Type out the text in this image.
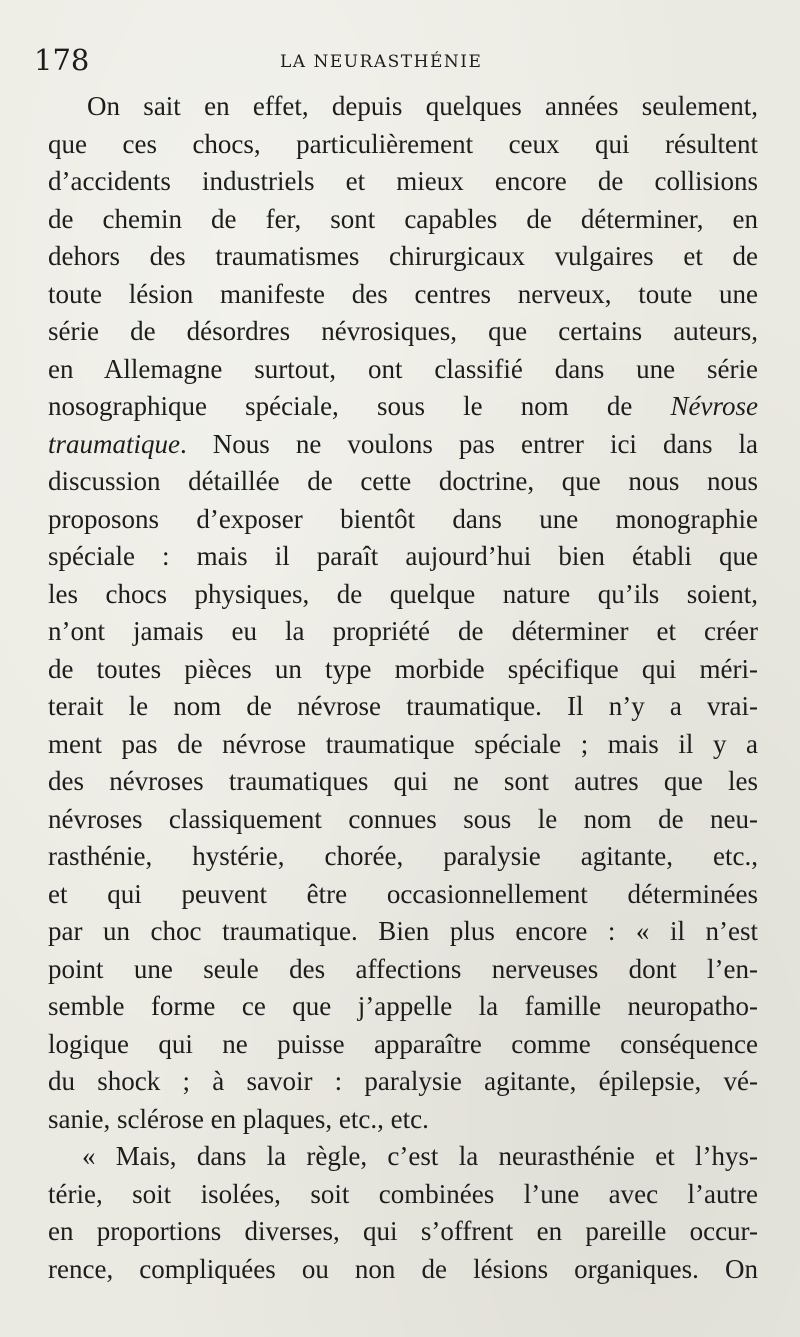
178	LA NEURASTHÉNIE
On sait en effet, depuis quelques années seulement,
que ces chocs, particulièrement ceux qui résultent
d’accidents industriels et mieux encore de collisions
de chemin de fer, sont capables de déterminer, en
dehors des traumatismes chirurgicaux vulgaires et de
toute lésion manifeste des centres nerveux, toute une
série de désordres névrosiques, que certains auteurs,
en Allemagne surtout, ont classifié dans une série
nosographique spéciale, sous le nom de Névrose
traumatique. Nous ne voulons pas entrer ici dans la
discussion détaillée de cette doctrine, que nous nous
proposons d’exposer bientôt dans une monographie
spéciale : mais il paraît aujourd’hui bien établi que
les chocs physiques, de quelque nature qu’ils soient,
n’ont jamais eu la propriété de déterminer et créer
de toutes pièces un type morbide spécifique qui méri-
terait le nom de névrose traumatique. Il n’y a vrai-
ment pas de névrose traumatique spéciale ; mais il y a
des névroses traumatiques qui ne sont autres que les
névroses classiquement connues sous le nom de neu-
rasthénie, hystérie, chorée, paralysie agitante, etc.,
et qui peuvent être occasionnellement déterminées
par un choc traumatique. Bien plus encore : « il n’est
point une seule des affections nerveuses dont l’en-
semble forme ce que j’appelle la famille neuropatho-
logique qui ne puisse apparaître comme conséquence
du shock ; à savoir : paralysie agitante, épilepsie, vé-
sanie, sclérose en plaques, etc., etc.
« Mais, dans la règle, c’est la neurasthénie et l’hys-
térie, soit isolées, soit combinées l’une avec l’autre
en proportions diverses, qui s’offrent en pareille occur-
rence, compliquées ou non de lésions organiques. On
